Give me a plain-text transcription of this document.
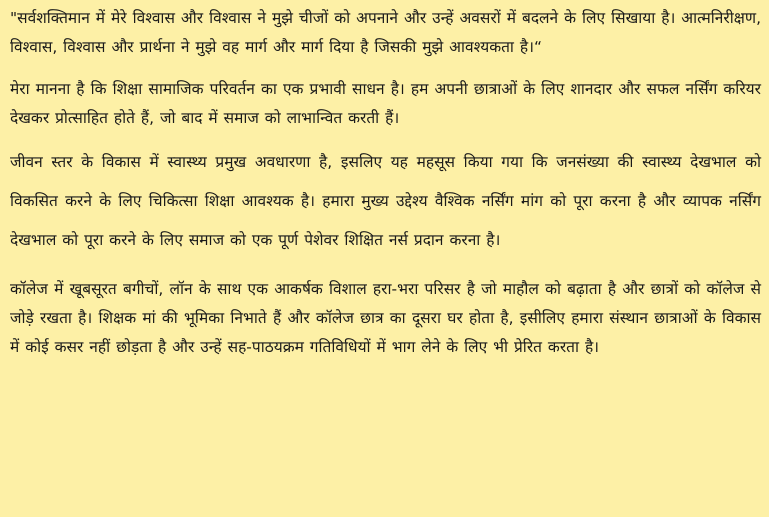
"सर्वशक्तिमान में मेरे विश्वास और विश्वास ने मुझे चीजों को अपनाने और उन्हें अवसरों में बदलने के लिए सिखाया है। आत्मनिरीक्षण, विश्वास, विश्वास और प्रार्थना ने मुझे वह मार्ग और मार्ग दिया है जिसकी मुझे आवश्यकता है।“

मेरा मानना है कि शिक्षा सामाजिक परिवर्तन का एक प्रभावी साधन है। हम अपनी छात्राओं के लिए शानदार और सफल नर्सिंग करियर देखकर प्रोत्साहित होते हैं, जो बाद में समाज को लाभान्वित करती हैं।

जीवन स्तर के विकास में स्वास्थ्य प्रमुख अवधारणा है, इसलिए यह महसूस किया गया कि जनसंख्या की स्वास्थ्य देखभाल को विकसित करने के लिए चिकित्सा शिक्षा आवश्यक है। हमारा मुख्य उद्देश्य वैश्विक नर्सिंग मांग को पूरा करना है और व्यापक नर्सिंग देखभाल को पूरा करने के लिए समाज को एक पूर्ण पेशेवर शिक्षित नर्स प्रदान करना है।

कॉलेज में खूबसूरत बगीचों, लॉन के साथ एक आकर्षक विशाल हरा-भरा परिसर है जो माहौल को बढ़ाता है और छात्रों को कॉलेज से जोड़े रखता है। शिक्षक मां की भूमिका निभाते हैं और कॉलेज छात्र का दूसरा घर होता है, इसीलिए हमारा संस्थान छात्राओं के विकास में कोई कसर नहीं छोड़ता है और उन्हें सह-पाठयक्रम गतिविधियों में भाग लेने के लिए भी प्रेरित करता है।
